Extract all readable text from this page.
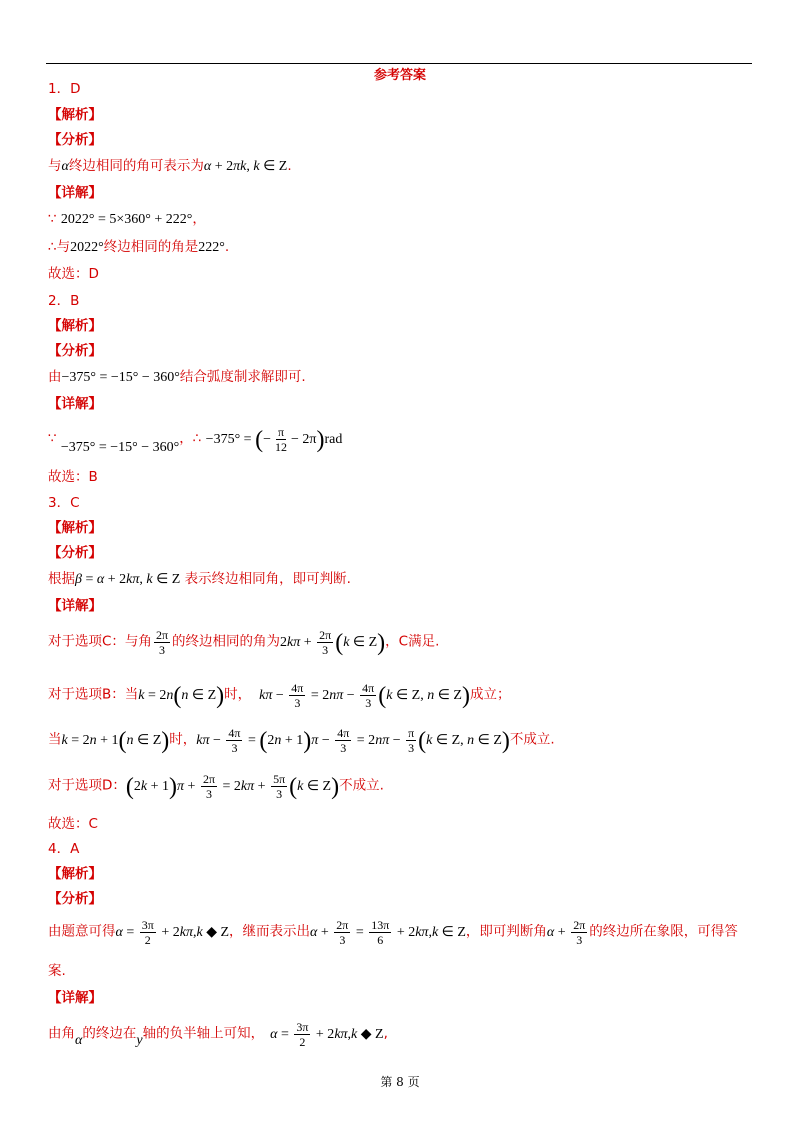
参考答案
1．D
【解析】
【分析】
与α终边相同的角可表示为α + 2πk, k ∈ Z.
【详解】
∵ 2022° = 5×360° + 222°，
∴与2022°终边相同的角是222°.
故选：D
2．B
【解析】
【分析】
由−375° = −15° − 360°结合弧度制求解即可.
【详解】
∵ −375° = −15° − 360°，∴ −375° = (− $\frac{\pi}{12} - 2\pi)rad$
故选：B
3．C
【解析】
【分析】
根据β = α + 2kπ, k ∈ Z 表示终边相同角，即可判断.
【详解】
对于选项C：与角 $\frac{2\pi}{3}$ 的终边相同的角为$2k\pi + \frac{2\pi}{3} (k$ ∈ Z)，C满足.
对于选项B：当k = 2n(n ∈ Z)时， $k\pi - \frac{4\pi}{3} = 2n\pi - \frac{4\pi}{3} (k$ ∈ Z, n ∈ Z)成立；
当k = 2n + 1(n ∈ Z)时，$k\pi - \frac{4\pi}{3} = (2n + 1)\pi - \frac{4\pi}{3} = 2n\pi - \frac{\pi}{3} (k$ ∈ Z, n ∈ Z)不成立.
对于选项D：$(2k + 1)\pi + \frac{2\pi}{3} = 2k\pi + \frac{5\pi}{3} (k$ ∈ Z)不成立.
故选：C
4．A
【解析】
【分析】
由题意可得$\alpha = \frac{3\pi}{2} + 2k\pi,k$ ◆ Z，继而表示出$\alpha + \frac{2\pi}{3} = \frac{13\pi}{6} + 2k\pi,k$ ∈ Z，即可判断角$\alpha + \frac{2\pi}{3}$ 的终边所在象限，可得答
案.
【详解】
由角α的终边在y轴的负半轴上可知， $\alpha = \frac{3\pi}{2} + 2k\pi,k$ ◆ Z,
第 8 页
